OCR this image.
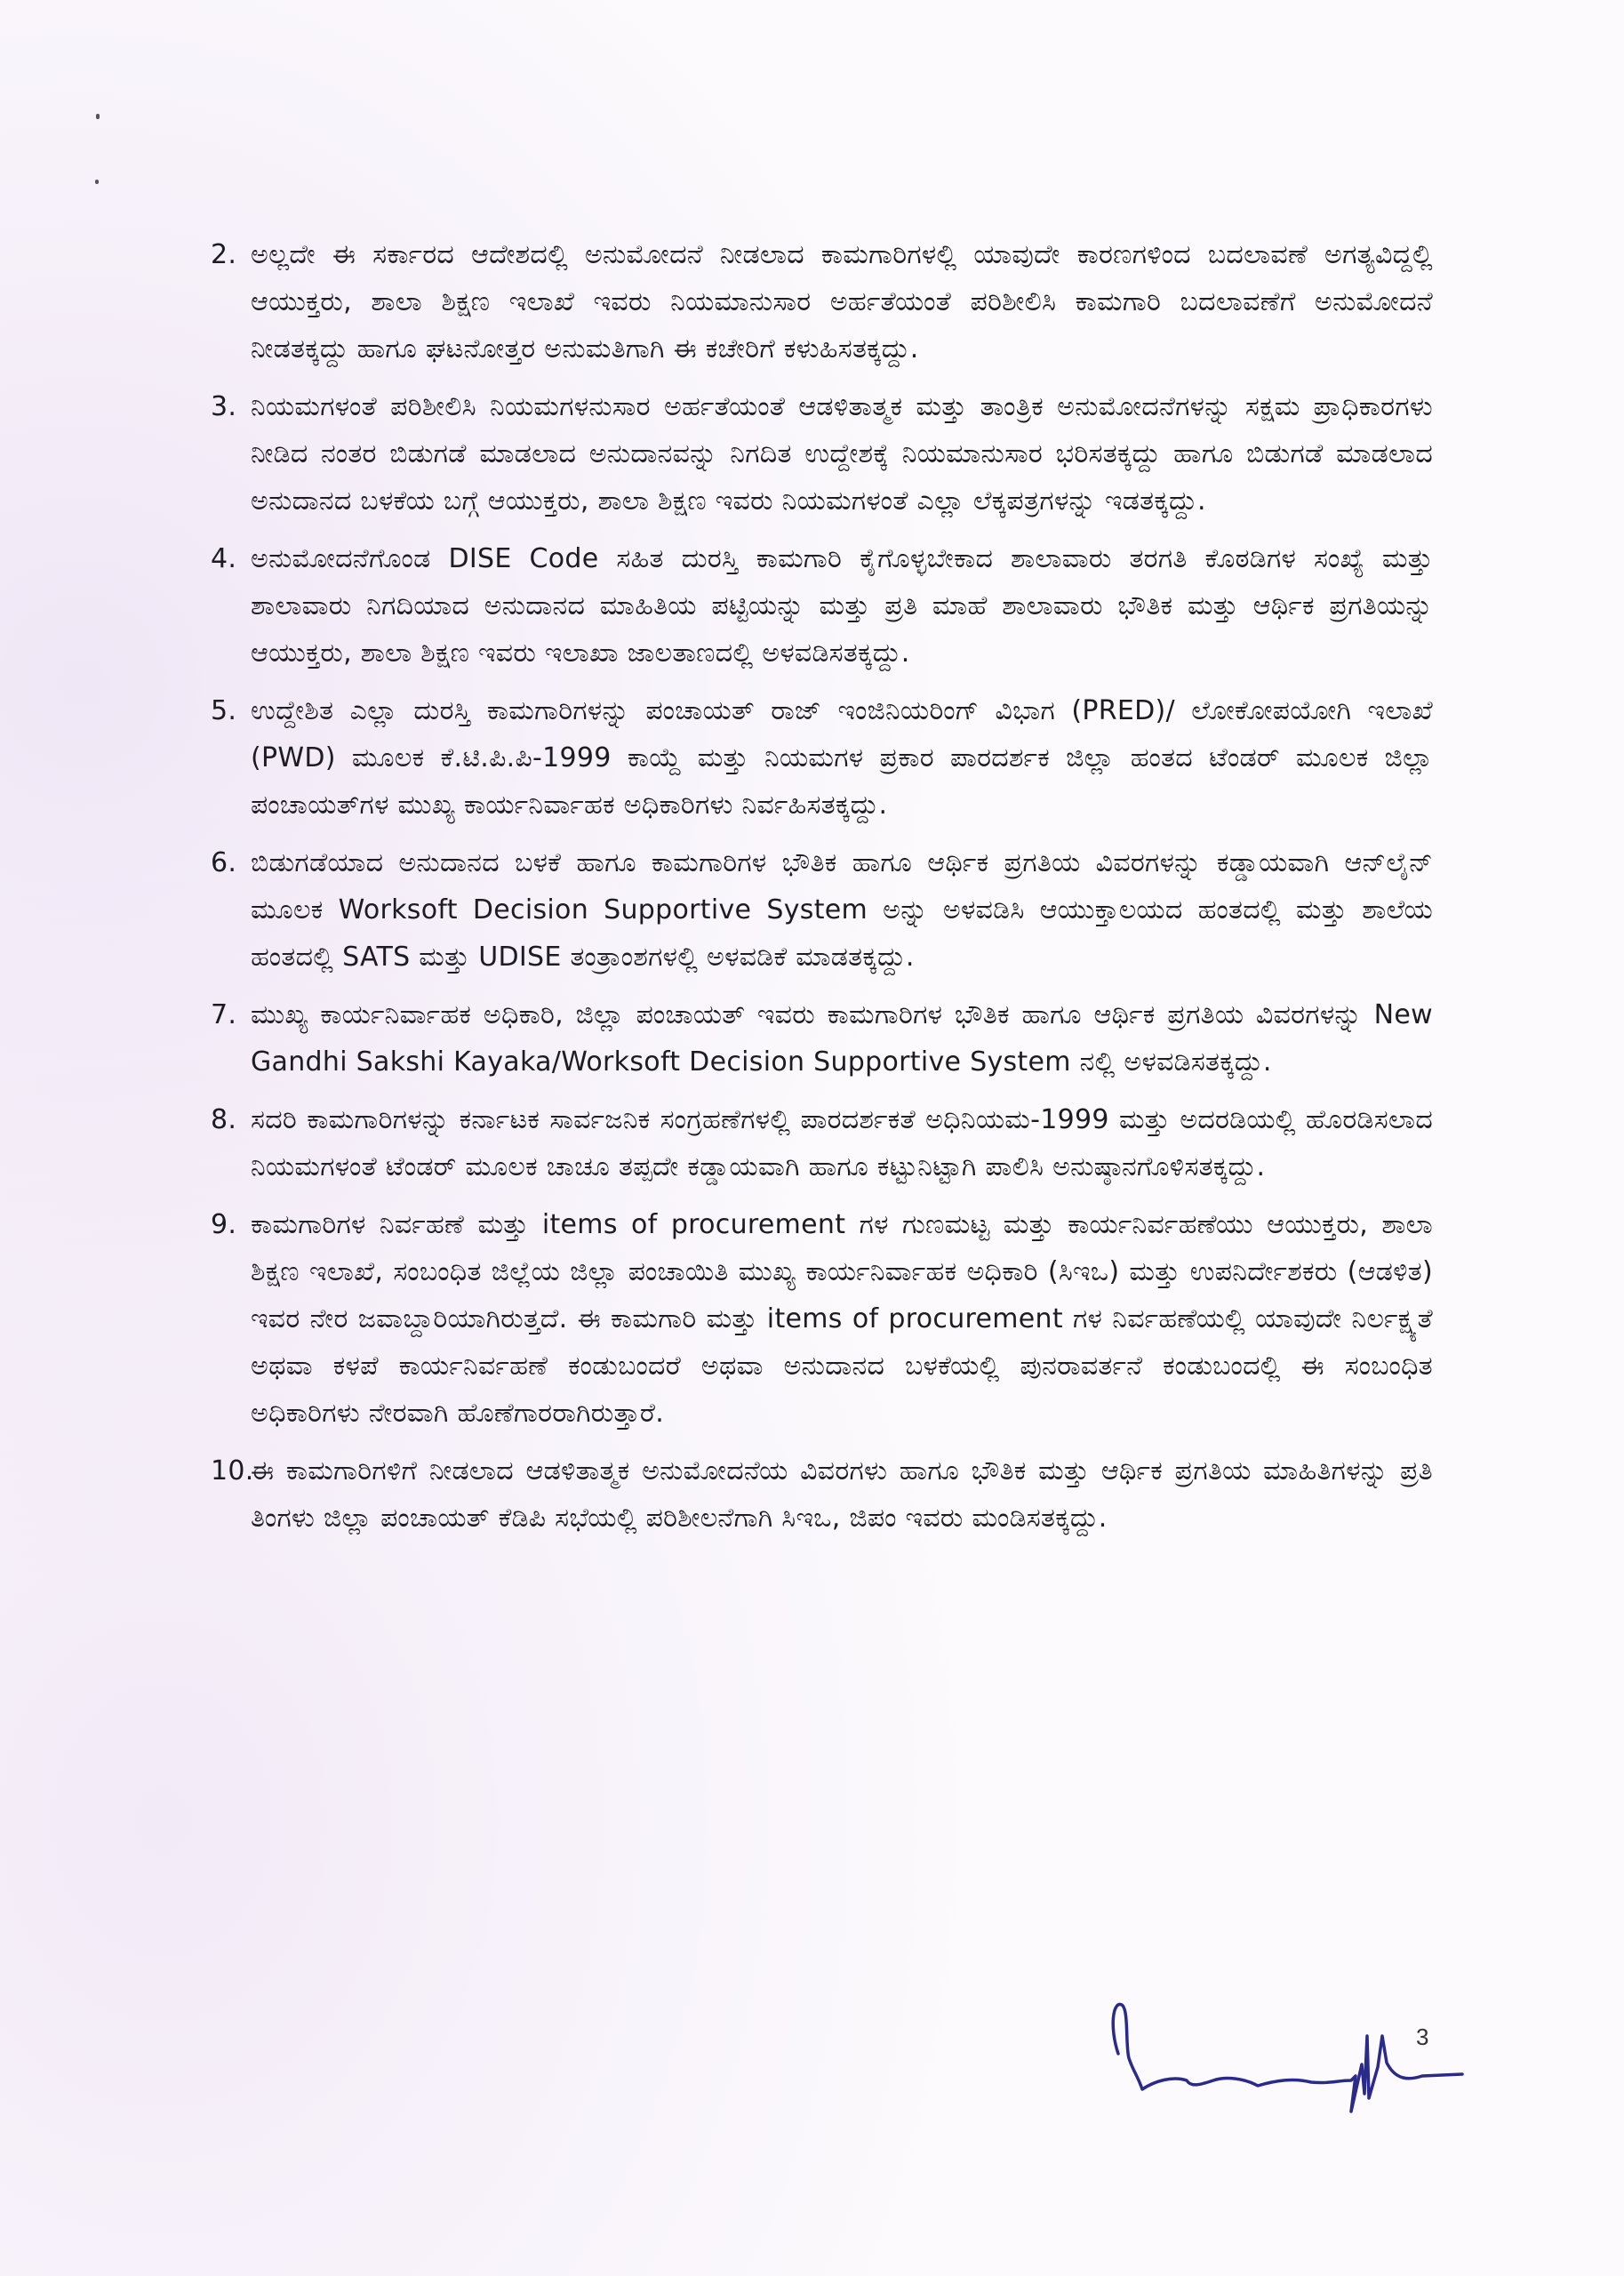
2. ಅಲ್ಲದೇ ಈ ಸರ್ಕಾರದ ಆದೇಶದಲ್ಲಿ ಅನುಮೋದನೆ ನೀಡಲಾದ ಕಾಮಗಾರಿಗಳಲ್ಲಿ ಯಾವುದೇ ಕಾರಣಗಳಿಂದ ಬದಲಾವಣೆ ಅಗತ್ಯವಿದ್ದಲ್ಲಿ ಆಯುಕ್ತರು, ಶಾಲಾ ಶಿಕ್ಷಣ ಇಲಾಖೆ ಇವರು ನಿಯಮಾನುಸಾರ ಅರ್ಹತೆಯಂತೆ ಪರಿಶೀಲಿಸಿ ಕಾಮಗಾರಿ ಬದಲಾವಣೆಗೆ ಅನುಮೋದನೆ ನೀಡತಕ್ಕದ್ದು ಹಾಗೂ ಘಟನೋತ್ತರ ಅನುಮತಿಗಾಗಿ ಈ ಕಚೇರಿಗೆ ಕಳುಹಿಸತಕ್ಕದ್ದು.
3. ನಿಯಮಗಳಂತೆ ಪರಿಶೀಲಿಸಿ ನಿಯಮಗಳನುಸಾರ ಅರ್ಹತೆಯಂತೆ ಆಡಳಿತಾತ್ಮಕ ಮತ್ತು ತಾಂತ್ರಿಕ ಅನುಮೋದನೆಗಳನ್ನು ಸಕ್ಷಮ ಪ್ರಾಧಿಕಾರಗಳು ನೀಡಿದ ನಂತರ ಬಿಡುಗಡೆ ಮಾಡಲಾದ ಅನುದಾನವನ್ನು ನಿಗದಿತ ಉದ್ದೇಶಕ್ಕೆ ನಿಯಮಾನುಸಾರ ಭರಿಸತಕ್ಕದ್ದು ಹಾಗೂ ಬಿಡುಗಡೆ ಮಾಡಲಾದ ಅನುದಾನದ ಬಳಕೆಯ ಬಗ್ಗೆ ಆಯುಕ್ತರು, ಶಾಲಾ ಶಿಕ್ಷಣ ಇವರು ನಿಯಮಗಳಂತೆ ಎಲ್ಲಾ ಲೆಕ್ಕಪತ್ರಗಳನ್ನು ಇಡತಕ್ಕದ್ದು.
4. ಅನುಮೋದನೆಗೊಂಡ DISE Code ಸಹಿತ ದುರಸ್ತಿ ಕಾಮಗಾರಿ ಕೈಗೊಳ್ಳಬೇಕಾದ ಶಾಲಾವಾರು ತರಗತಿ ಕೊಠಡಿಗಳ ಸಂಖ್ಯೆ ಮತ್ತು ಶಾಲಾವಾರು ನಿಗದಿಯಾದ ಅನುದಾನದ ಮಾಹಿತಿಯ ಪಟ್ಟಿಯನ್ನು ಮತ್ತು ಪ್ರತಿ ಮಾಹೆ ಶಾಲಾವಾರು ಭೌತಿಕ ಮತ್ತು ಆರ್ಥಿಕ ಪ್ರಗತಿಯನ್ನು ಆಯುಕ್ತರು, ಶಾಲಾ ಶಿಕ್ಷಣ ಇವರು ಇಲಾಖಾ ಜಾಲತಾಣದಲ್ಲಿ ಅಳವಡಿಸತಕ್ಕದ್ದು.
5. ಉದ್ದೇಶಿತ ಎಲ್ಲಾ ದುರಸ್ತಿ ಕಾಮಗಾರಿಗಳನ್ನು ಪಂಚಾಯತ್ ರಾಜ್ ಇಂಜಿನಿಯರಿಂಗ್ ವಿಭಾಗ (PRED)/ ಲೋಕೋಪಯೋಗಿ ಇಲಾಖೆ (PWD) ಮೂಲಕ ಕೆ.ಟಿ.ಪಿ.ಪಿ-1999 ಕಾಯ್ದೆ ಮತ್ತು ನಿಯಮಗಳ ಪ್ರಕಾರ ಪಾರದರ್ಶಕ ಜಿಲ್ಲಾ ಹಂತದ ಟೆಂಡರ್ ಮೂಲಕ ಜಿಲ್ಲಾ ಪಂಚಾಯತ್‌ಗಳ ಮುಖ್ಯ ಕಾರ್ಯನಿರ್ವಾಹಕ ಅಧಿಕಾರಿಗಳು ನಿರ್ವಹಿಸತಕ್ಕದ್ದು.
6. ಬಿಡುಗಡೆಯಾದ ಅನುದಾನದ ಬಳಕೆ ಹಾಗೂ ಕಾಮಗಾರಿಗಳ ಭೌತಿಕ ಹಾಗೂ ಆರ್ಥಿಕ ಪ್ರಗತಿಯ ವಿವರಗಳನ್ನು ಕಡ್ಡಾಯವಾಗಿ ಆನ್‌ಲೈನ್ ಮೂಲಕ Worksoft Decision Supportive System ಅನ್ನು ಅಳವಡಿಸಿ ಆಯುಕ್ತಾಲಯದ ಹಂತದಲ್ಲಿ ಮತ್ತು ಶಾಲೆಯ ಹಂತದಲ್ಲಿ SATS ಮತ್ತು UDISE ತಂತ್ರಾಂಶಗಳಲ್ಲಿ ಅಳವಡಿಕೆ ಮಾಡತಕ್ಕದ್ದು.
7. ಮುಖ್ಯ ಕಾರ್ಯನಿರ್ವಾಹಕ ಅಧಿಕಾರಿ, ಜಿಲ್ಲಾ ಪಂಚಾಯತ್ ಇವರು ಕಾಮಗಾರಿಗಳ ಭೌತಿಕ ಹಾಗೂ ಆರ್ಥಿಕ ಪ್ರಗತಿಯ ವಿವರಗಳನ್ನು New Gandhi Sakshi Kayaka/Worksoft Decision Supportive System ನಲ್ಲಿ ಅಳವಡಿಸತಕ್ಕದ್ದು.
8. ಸದರಿ ಕಾಮಗಾರಿಗಳನ್ನು ಕರ್ನಾಟಕ ಸಾರ್ವಜನಿಕ ಸಂಗ್ರಹಣೆಗಳಲ್ಲಿ ಪಾರದರ್ಶಕತೆ ಅಧಿನಿಯಮ-1999 ಮತ್ತು ಅದರಡಿಯಲ್ಲಿ ಹೊರಡಿಸಲಾದ ನಿಯಮಗಳಂತೆ ಟೆಂಡರ್ ಮೂಲಕ ಚಾಚೂ ತಪ್ಪದೇ ಕಡ್ಡಾಯವಾಗಿ ಹಾಗೂ ಕಟ್ಟುನಿಟ್ಟಾಗಿ ಪಾಲಿಸಿ ಅನುಷ್ಠಾನಗೊಳಿಸತಕ್ಕದ್ದು.
9. ಕಾಮಗಾರಿಗಳ ನಿರ್ವಹಣೆ ಮತ್ತು items of procurement ಗಳ ಗುಣಮಟ್ಟ ಮತ್ತು ಕಾರ್ಯನಿರ್ವಹಣೆಯು ಆಯುಕ್ತರು, ಶಾಲಾ ಶಿಕ್ಷಣ ಇಲಾಖೆ, ಸಂಬಂಧಿತ ಜಿಲ್ಲೆಯ ಜಿಲ್ಲಾ ಪಂಚಾಯಿತಿ ಮುಖ್ಯ ಕಾರ್ಯನಿರ್ವಾಹಕ ಅಧಿಕಾರಿ (ಸಿಇಒ) ಮತ್ತು ಉಪನಿರ್ದೇಶಕರು (ಆಡಳಿತ) ಇವರ ನೇರ ಜವಾಬ್ದಾರಿಯಾಗಿರುತ್ತದೆ. ಈ ಕಾಮಗಾರಿ ಮತ್ತು items of procurement ಗಳ ನಿರ್ವಹಣೆಯಲ್ಲಿ ಯಾವುದೇ ನಿರ್ಲಕ್ಷ್ಯತೆ ಅಥವಾ ಕಳಪೆ ಕಾರ್ಯನಿರ್ವಹಣೆ ಕಂಡುಬಂದರೆ ಅಥವಾ ಅನುದಾನದ ಬಳಕೆಯಲ್ಲಿ ಪುನರಾವರ್ತನೆ ಕಂಡುಬಂದಲ್ಲಿ ಈ ಸಂಬಂಧಿತ ಅಧಿಕಾರಿಗಳು ನೇರವಾಗಿ ಹೊಣೆಗಾರರಾಗಿರುತ್ತಾರೆ.
10.
ಈ ಕಾಮಗಾರಿಗಳಿಗೆ ನೀಡಲಾದ ಆಡಳಿತಾತ್ಮಕ ಅನುಮೋದನೆಯ ವಿವರಗಳು ಹಾಗೂ ಭೌತಿಕ ಮತ್ತು ಆರ್ಥಿಕ ಪ್ರಗತಿಯ ಮಾಹಿತಿಗಳನ್ನು ಪ್ರತಿ ತಿಂಗಳು ಜಿಲ್ಲಾ ಪಂಚಾಯತ್ ಕೆಡಿಪಿ ಸಭೆಯಲ್ಲಿ ಪರಿಶೀಲನೆಗಾಗಿ ಸಿಇಒ, ಜಿಪಂ ಇವರು ಮಂಡಿಸತಕ್ಕದ್ದು.
3
